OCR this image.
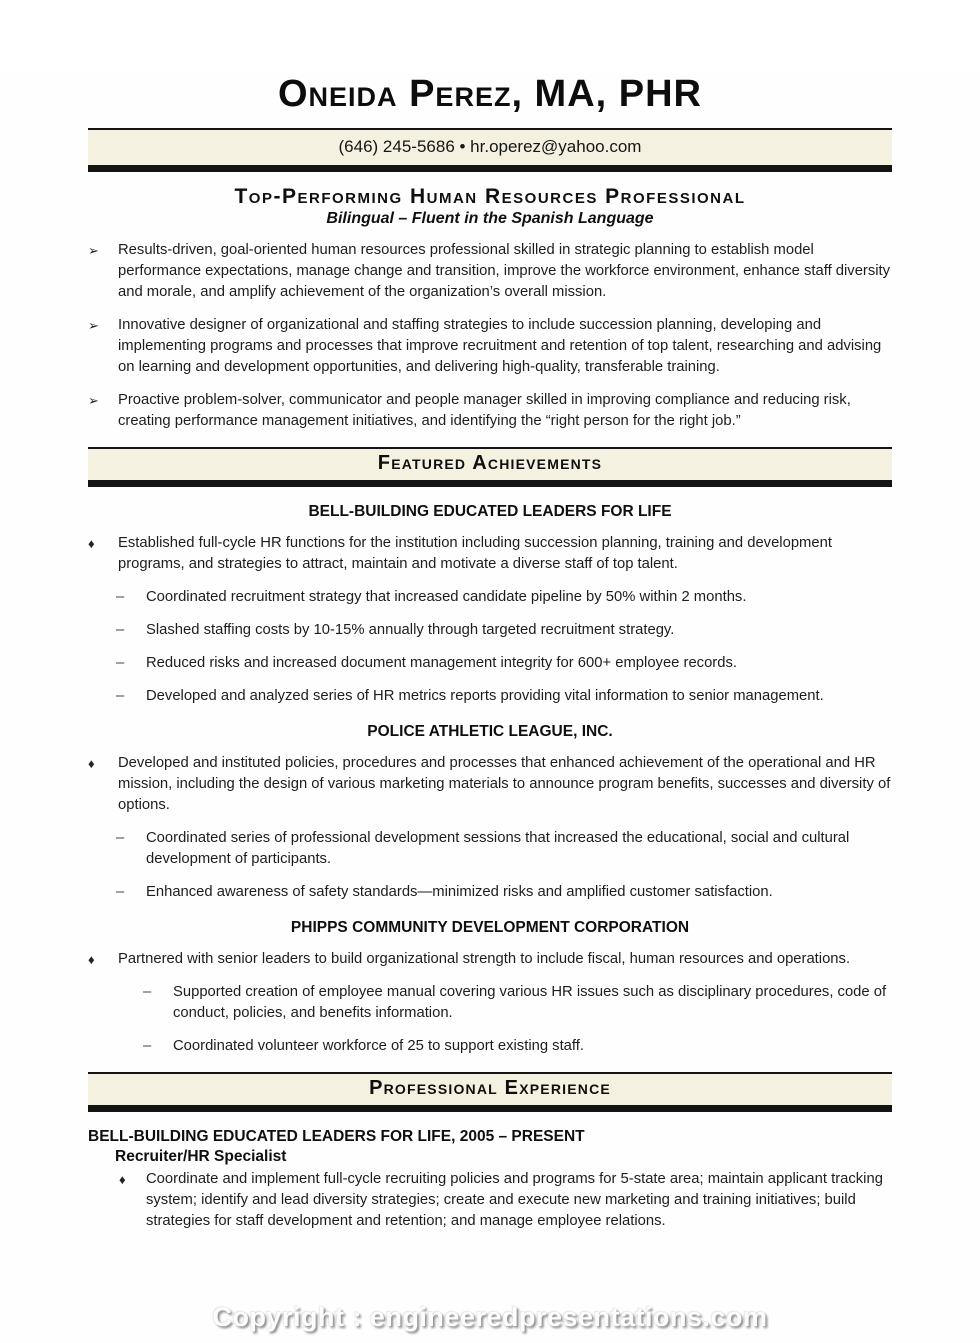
Oneida Perez, MA, PHR
(646) 245-5686 • hr.operez@yahoo.com
Top-Performing Human Resources Professional
Bilingual – Fluent in the Spanish Language
➢	Results-driven, goal-oriented human resources professional skilled in strategic planning to establish model performance expectations, manage change and transition, improve the workforce environment, enhance staff diversity and morale, and amplify achievement of the organization’s overall mission.
➢	Innovative designer of organizational and staffing strategies to include succession planning, developing and implementing programs and processes that improve recruitment and retention of top talent, researching and advising on learning and development opportunities, and delivering high-quality, transferable training.
➢	Proactive problem-solver, communicator and people manager skilled in improving compliance and reducing risk, creating performance management initiatives, and identifying the “right person for the right job.”
Featured Achievements
BELL-BUILDING EDUCATED LEADERS FOR LIFE
♦	Established full-cycle HR functions for the institution including succession planning, training and development programs, and strategies to attract, maintain and motivate a diverse staff of top talent.
–	Coordinated recruitment strategy that increased candidate pipeline by 50% within 2 months.
–	Slashed staffing costs by 10-15% annually through targeted recruitment strategy.
–	Reduced risks and increased document management integrity for 600+ employee records.
–	Developed and analyzed series of HR metrics reports providing vital information to senior management.
POLICE ATHLETIC LEAGUE, INC.
♦	Developed and instituted policies, procedures and processes that enhanced achievement of the operational and HR mission, including the design of various marketing materials to announce program benefits, successes and diversity of options.
–	Coordinated series of professional development sessions that increased the educational, social and cultural development of participants.
–	Enhanced awareness of safety standards—minimized risks and amplified customer satisfaction.
PHIPPS COMMUNITY DEVELOPMENT CORPORATION
♦	Partnered with senior leaders to build organizational strength to include fiscal, human resources and operations.
–	Supported creation of employee manual covering various HR issues such as disciplinary procedures, code of conduct, policies, and benefits information.
–	Coordinated volunteer workforce of 25 to support existing staff.
Professional Experience
BELL-BUILDING EDUCATED LEADERS FOR LIFE, 2005 – PRESENT
Recruiter/HR Specialist
♦	Coordinate and implement full-cycle recruiting policies and programs for 5-state area; maintain applicant tracking system; identify and lead diversity strategies; create and execute new marketing and training initiatives; build strategies for staff development and retention; and manage employee relations.
Copyright : engineeredpresentations.com
